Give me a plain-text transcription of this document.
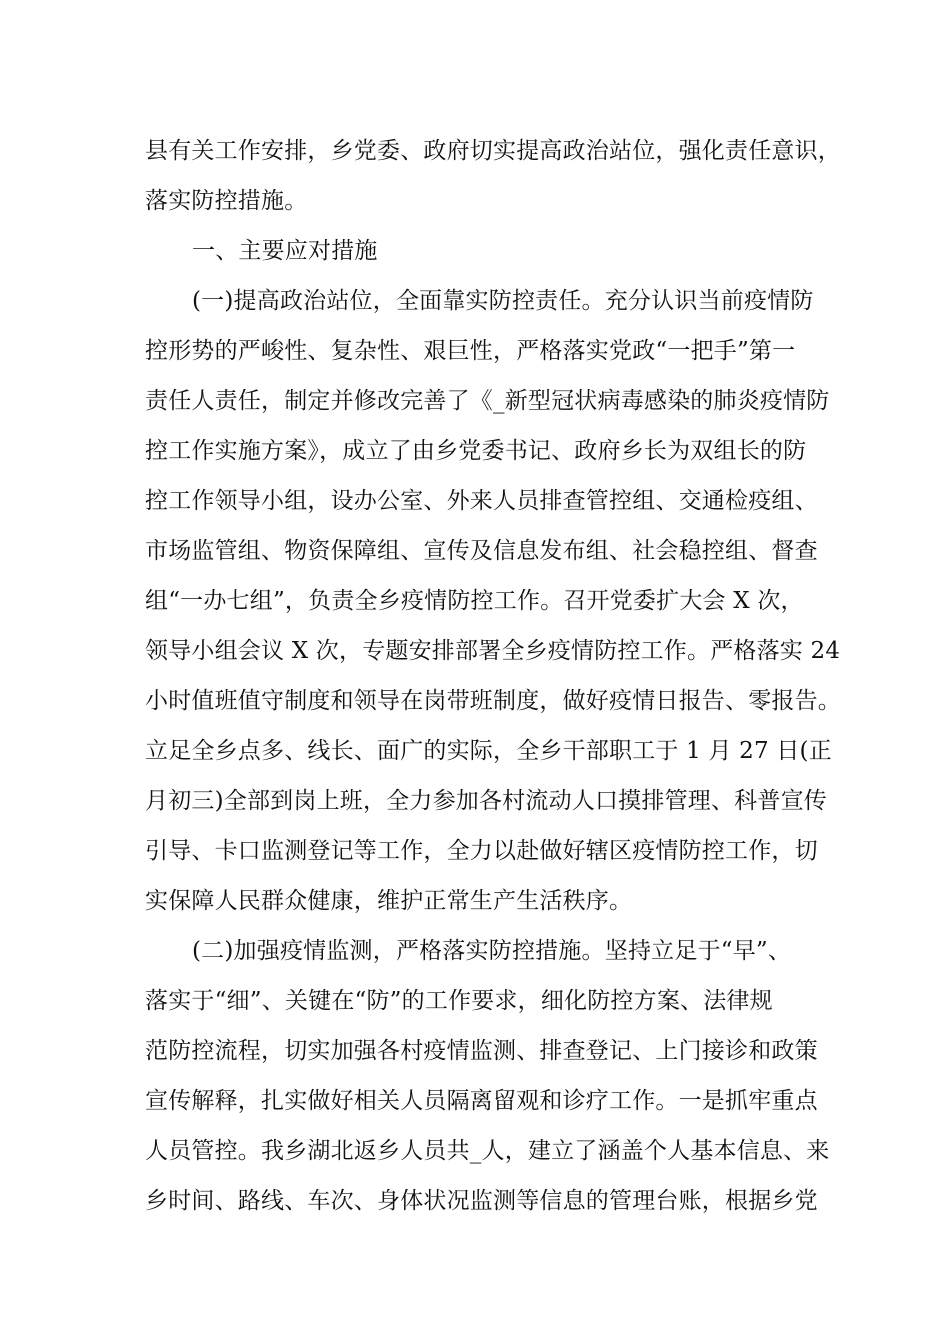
县有关工作安排，乡党委、政府切实提高政治站位，强化责任意识，
落实防控措施。
一、主要应对措施
(一)提高政治站位，全面靠实防控责任。充分认识当前疫情防
控形势的严峻性、复杂性、艰巨性，严格落实党政“一把手”第一
责任人责任，制定并修改完善了《_新型冠状病毒感染的肺炎疫情防
控工作实施方案》，成立了由乡党委书记、政府乡长为双组长的防
控工作领导小组，设办公室、外来人员排查管控组、交通检疫组、
市场监管组、物资保障组、宣传及信息发布组、社会稳控组、督查
组“一办七组”，负责全乡疫情防控工作。召开党委扩大会 X 次，
领导小组会议 X 次，专题安排部署全乡疫情防控工作。严格落实 24
小时值班值守制度和领导在岗带班制度，做好疫情日报告、零报告。
立足全乡点多、线长、面广的实际，全乡干部职工于 1 月 27 日(正
月初三)全部到岗上班，全力参加各村流动人口摸排管理、科普宣传
引导、卡口监测登记等工作，全力以赴做好辖区疫情防控工作，切
实保障人民群众健康，维护正常生产生活秩序。
(二)加强疫情监测，严格落实防控措施。坚持立足于“早”、
落实于“细”、关键在“防”的工作要求，细化防控方案、法律规
范防控流程，切实加强各村疫情监测、排查登记、上门接诊和政策
宣传解释，扎实做好相关人员隔离留观和诊疗工作。一是抓牢重点
人员管控。我乡湖北返乡人员共_人，建立了涵盖个人基本信息、来
乡时间、路线、车次、身体状况监测等信息的管理台账，根据乡党
